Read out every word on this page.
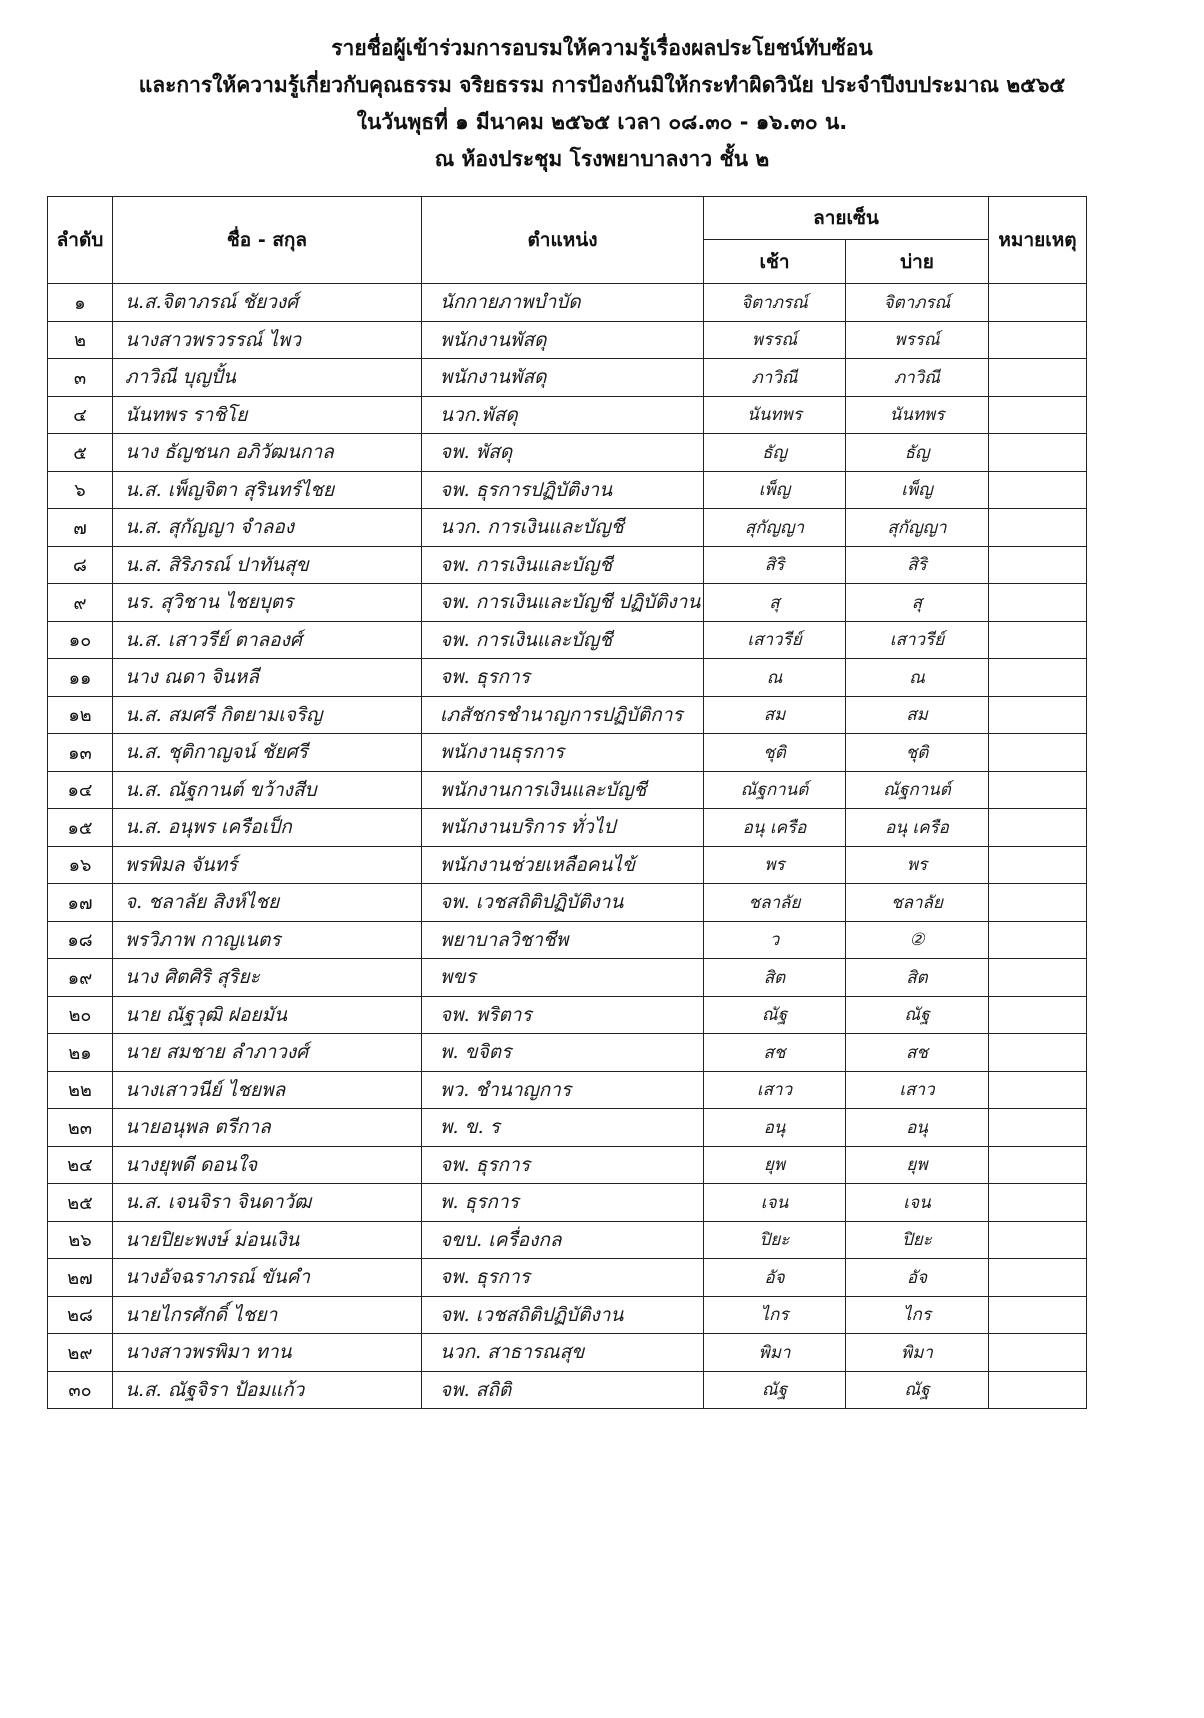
รายชื่อผู้เข้าร่วมการอบรมให้ความรู้เรื่องผลประโยชน์ทับซ้อน
และการให้ความรู้เกี่ยวกับคุณธรรม จริยธรรม การป้องกันมิให้กระทำผิดวินัย ประจำปีงบประมาณ ๒๕๖๕
ในวันพุธที่ ๑ มีนาคม ๒๕๖๕ เวลา ๐๘.๓๐ - ๑๖.๓๐ น.
ณ ห้องประชุม โรงพยาบาลงาว ชั้น ๒
ลำดับ	ชื่อ - สกุล	ตำแหน่ง
ลายเซ็น
เช้า	บ่าย
หมายเหตุ
๑	น.ส.จิตาภรณ์ ชัยวงศ์	นักกายภาพบำบัด	จิตาภรณ์	จิตาภรณ์
๒	นางสาวพรวรรณ์ ไพว	พนักงานพัสดุ	พรรณ์	พรรณ์
๓	ภาวิณี บุญปั้น	พนักงานพัสดุ	ภาวิณี	ภาวิณี
๔	นันทพร ราชิโย	นวก.พัสดุ	นันทพร	นันทพร
๕	นาง ธัญชนก อภิวัฒนกาล	จพ. พัสดุ	ธัญ	ธัญ
๖	น.ส. เพ็ญจิตา สุรินทร์ไชย	จพ. ธุรการปฏิบัติงาน	เพ็ญ	เพ็ญ
๗	น.ส. สุกัญญา จำลอง	นวก. การเงินและบัญชี	สุกัญญา	สุกัญญา
๘	น.ส. สิริภรณ์ ปาทันสุข	จพ. การเงินและบัญชี	สิริ	สิริ
๙	นร. สุวิชาน ไชยบุตร	จพ. การเงินและบัญชี ปฏิบัติงาน	สุ	สุ
๑๐	น.ส. เสาวรีย์ ตาลองศ์	จพ. การเงินและบัญชี	เสาวรีย์	เสาวรีย์
๑๑	นาง ณดา จินหลี	จพ. ธุรการ	ณ	ณ
๑๒	น.ส. สมศรี กิตยามเจริญ	เภสัชกรชำนาญการปฏิบัติการ	สม	สม
๑๓	น.ส. ชุติกาญจน์ ชัยศรี	พนักงานธุรการ	ชุติ	ชุติ
๑๔	น.ส. ณัฐกานต์ ขว้างสีบ	พนักงานการเงินและบัญชี	ณัฐกานต์	ณัฐกานต์
๑๕	น.ส. อนุพร เครือเป็ก	พนักงานบริการ ทั่วไป	อนุ เครือ	อนุ เครือ
๑๖	พรพิมล จันทร์	พนักงานช่วยเหลือคนไข้	พร	พร
๑๗	จ. ชลาลัย สิงห์ไชย	จพ. เวชสถิติปฏิบัติงาน	ชลาลัย	ชลาลัย
๑๘	พรวิภาพ กาญเนตร	พยาบาลวิชาชีพ	ว	②
๑๙	นาง ศิตศิริ สุริยะ	พขร	สิต	สิต
๒๐	นาย ณัฐวุฒิ ฝอยมัน	จพ. พริตาร	ณัฐ	ณัฐ
๒๑	นาย สมชาย ลำภาวงศ์	พ. ขจิตร	สช	สช
๒๒	นางเสาวนีย์ ไชยพล	พว. ชำนาญการ	เสาว	เสาว
๒๓	นายอนุพล ตรีกาล	พ. ข. ร	อนุ	อนุ
๒๔	นางยุพดี ดอนใจ	จพ. ธุรการ	ยุพ	ยุพ
๒๕	น.ส. เจนจิรา จินดาวัฒ	พ. ธุรการ	เจน	เจน
๒๖	นายปิยะพงษ์ ม่อนเงิน	จขบ. เครื่องกล	ปิยะ	ปิยะ
๒๗	นางอัจฉราภรณ์ ขันคำ	จพ. ธุรการ	อัจ	อัจ
๒๘	นายไกรศักดิ์ ไชยา	จพ. เวชสถิติปฏิบัติงาน	ไกร	ไกร
๒๙	นางสาวพรพิมา ทาน	นวก. สาธารณสุข	พิมา	พิมา
๓๐	น.ส. ณัฐจิรา ป้อมแก้ว	จพ. สถิติ	ณัฐ	ณัฐ
